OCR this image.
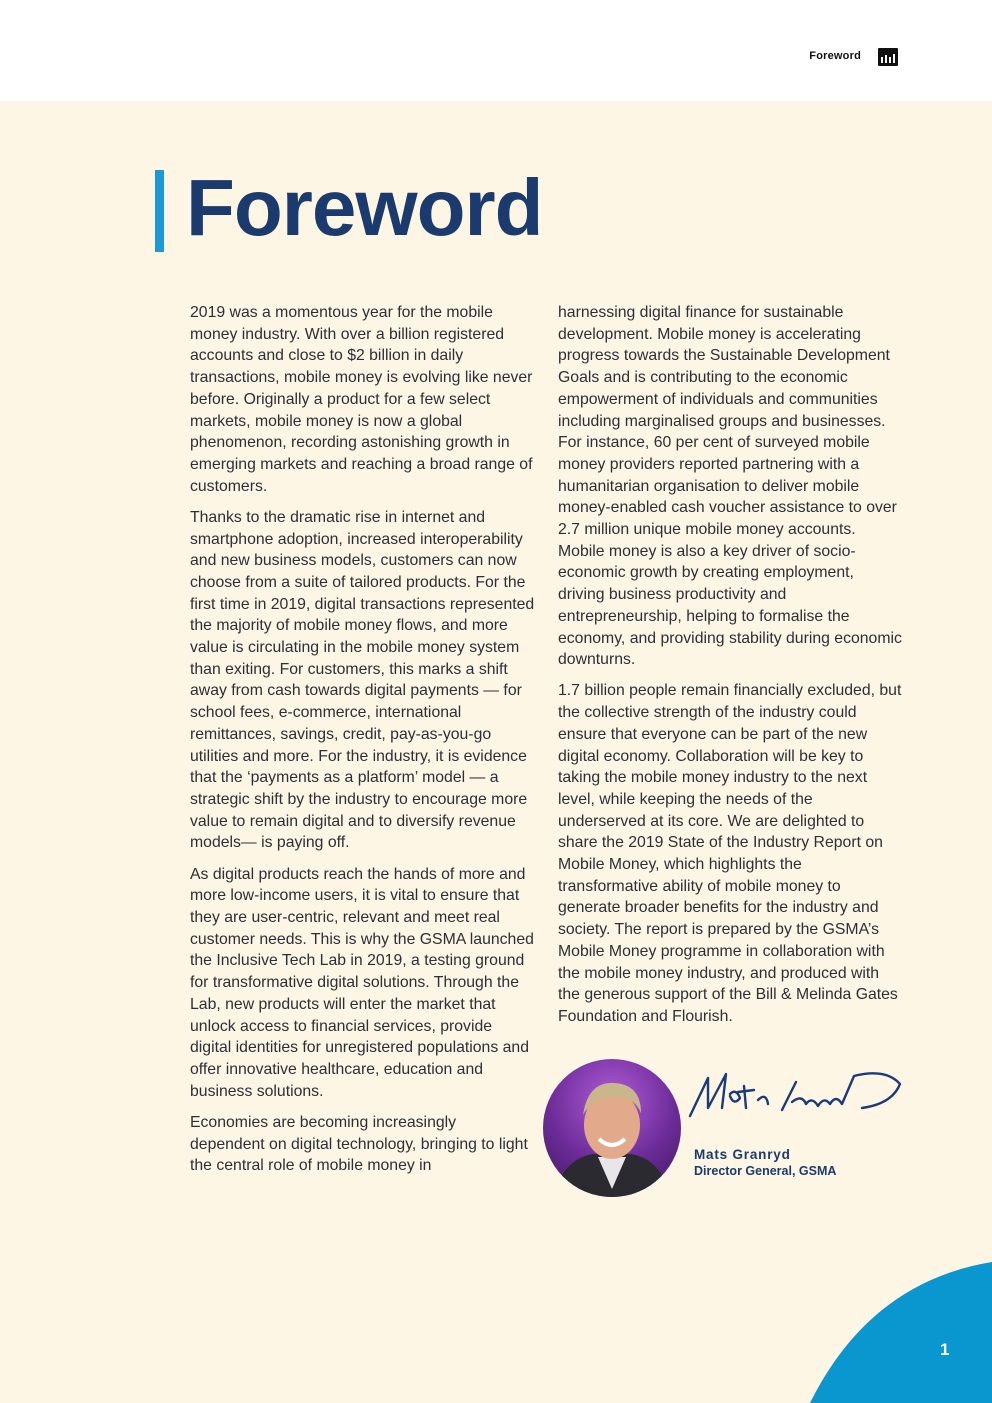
Foreword
Foreword

2019 was a momentous year for the mobile money industry. With over a billion registered accounts and close to $2 billion in daily transactions, mobile money is evolving like never before. Originally a product for a few select markets, mobile money is now a global phenomenon, recording astonishing growth in emerging markets and reaching a broad range of customers.

Thanks to the dramatic rise in internet and smartphone adoption, increased interoperability and new business models, customers can now choose from a suite of tailored products. For the first time in 2019, digital transactions represented the majority of mobile money flows, and more value is circulating in the mobile money system than exiting. For customers, this marks a shift away from cash towards digital payments — for school fees, e-commerce, international remittances, savings, credit, pay-as-you-go utilities and more. For the industry, it is evidence that the ‘payments as a platform’ model — a strategic shift by the industry to encourage more value to remain digital and to diversify revenue models— is paying off.

As digital products reach the hands of more and more low-income users, it is vital to ensure that they are user-centric, relevant and meet real customer needs. This is why the GSMA launched the Inclusive Tech Lab in 2019, a testing ground for transformative digital solutions. Through the Lab, new products will enter the market that unlock access to financial services, provide digital identities for unregistered populations and offer innovative healthcare, education and business solutions.

Economies are becoming increasingly dependent on digital technology, bringing to light the central role of mobile money in

harnessing digital finance for sustainable development. Mobile money is accelerating progress towards the Sustainable Development Goals and is contributing to the economic empowerment of individuals and communities including marginalised groups and businesses. For instance, 60 per cent of surveyed mobile money providers reported partnering with a humanitarian organisation to deliver mobile money-enabled cash voucher assistance to over 2.7 million unique mobile money accounts. Mobile money is also a key driver of socio-economic growth by creating employment, driving business productivity and entrepreneurship, helping to formalise the economy, and providing stability during economic downturns.

1.7 billion people remain financially excluded, but the collective strength of the industry could ensure that everyone can be part of the new digital economy. Collaboration will be key to taking the mobile money industry to the next level, while keeping the needs of the underserved at its core. We are delighted to share the 2019 State of the Industry Report on Mobile Money, which highlights the transformative ability of mobile money to generate broader benefits for the industry and society. The report is prepared by the GSMA’s Mobile Money programme in collaboration with the mobile money industry, and produced with the generous support of the Bill & Melinda Gates Foundation and Flourish.

Mats Granryd
Director General, GSMA
1
